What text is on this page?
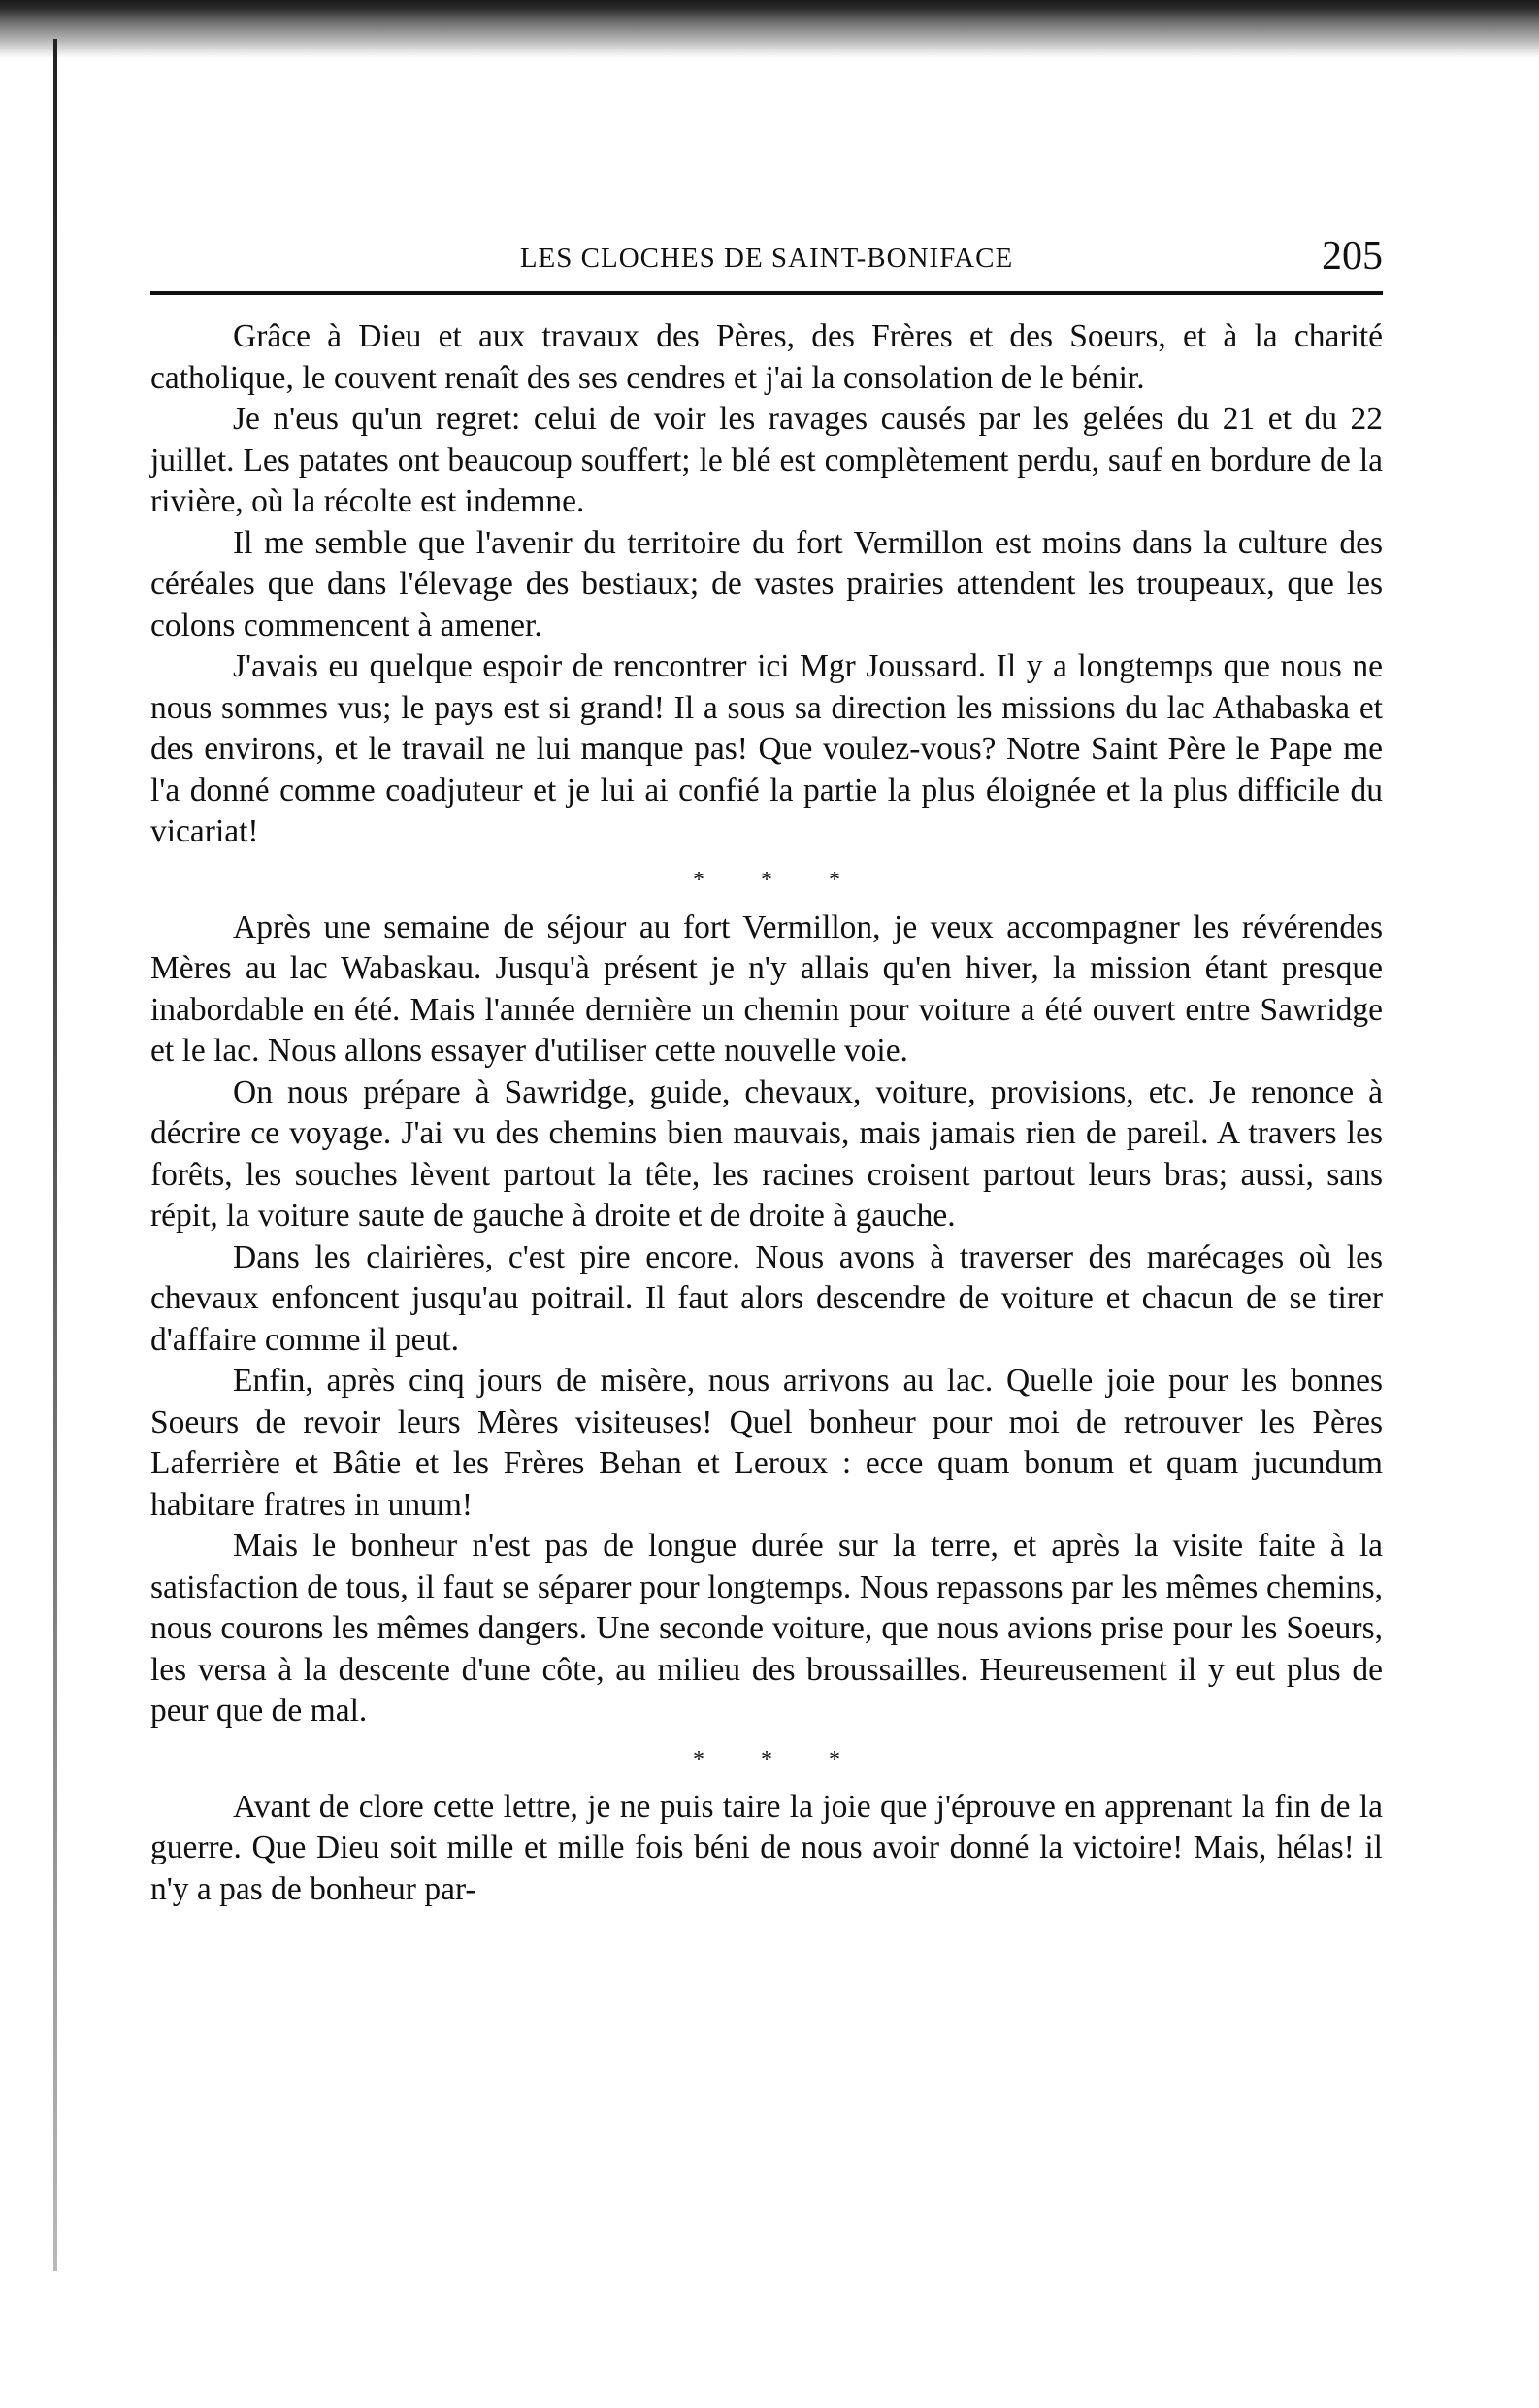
LES CLOCHES DE SAINT-BONIFACE	205

Grâce à Dieu et aux travaux des Pères, des Frères et des Soeurs, et à la charité catholique, le couvent renaît des ses cendres et j'ai la consolation de le bénir.

Je n'eus qu'un regret: celui de voir les ravages causés par les gelées du 21 et du 22 juillet. Les patates ont beaucoup souffert; le blé est complètement perdu, sauf en bordure de la rivière, où la récolte est indemne.

Il me semble que l'avenir du territoire du fort Vermillon est moins dans la culture des céréales que dans l'élevage des bestiaux; de vastes prairies attendent les troupeaux, que les colons commencent à amener.

J'avais eu quelque espoir de rencontrer ici Mgr Joussard. Il y a longtemps que nous ne nous sommes vus; le pays est si grand! Il a sous sa direction les missions du lac Athabaska et des environs, et le travail ne lui manque pas! Que voulez-vous? Notre Saint Père le Pape me l'a donné comme coadjuteur et je lui ai confié la partie la plus éloignée et la plus difficile du vicariat!

* * *

Après une semaine de séjour au fort Vermillon, je veux accompagner les révérendes Mères au lac Wabaskau. Jusqu'à présent je n'y allais qu'en hiver, la mission étant presque inabordable en été. Mais l'année dernière un chemin pour voiture a été ouvert entre Sawridge et le lac. Nous allons essayer d'utiliser cette nouvelle voie.

On nous prépare à Sawridge, guide, chevaux, voiture, provisions, etc. Je renonce à décrire ce voyage. J'ai vu des chemins bien mauvais, mais jamais rien de pareil. A travers les forêts, les souches lèvent partout la tête, les racines croisent partout leurs bras; aussi, sans répit, la voiture saute de gauche à droite et de droite à gauche.

Dans les clairières, c'est pire encore. Nous avons à traverser des marécages où les chevaux enfoncent jusqu'au poitrail. Il faut alors descendre de voiture et chacun de se tirer d'affaire comme il peut.

Enfin, après cinq jours de misère, nous arrivons au lac. Quelle joie pour les bonnes Soeurs de revoir leurs Mères visiteuses! Quel bonheur pour moi de retrouver les Pères Laferrière et Bâtie et les Frères Behan et Leroux : ecce quam bonum et quam jucundum habitare fratres in unum!

Mais le bonheur n'est pas de longue durée sur la terre, et après la visite faite à la satisfaction de tous, il faut se séparer pour longtemps. Nous repassons par les mêmes chemins, nous courons les mêmes dangers. Une seconde voiture, que nous avions prise pour les Soeurs, les versa à la descente d'une côte, au milieu des broussailles. Heureusement il y eut plus de peur que de mal.

* * *

Avant de clore cette lettre, je ne puis taire la joie que j'éprouve en apprenant la fin de la guerre. Que Dieu soit mille et mille fois béni de nous avoir donné la victoire! Mais, hélas! il n'y a pas de bonheur par-
